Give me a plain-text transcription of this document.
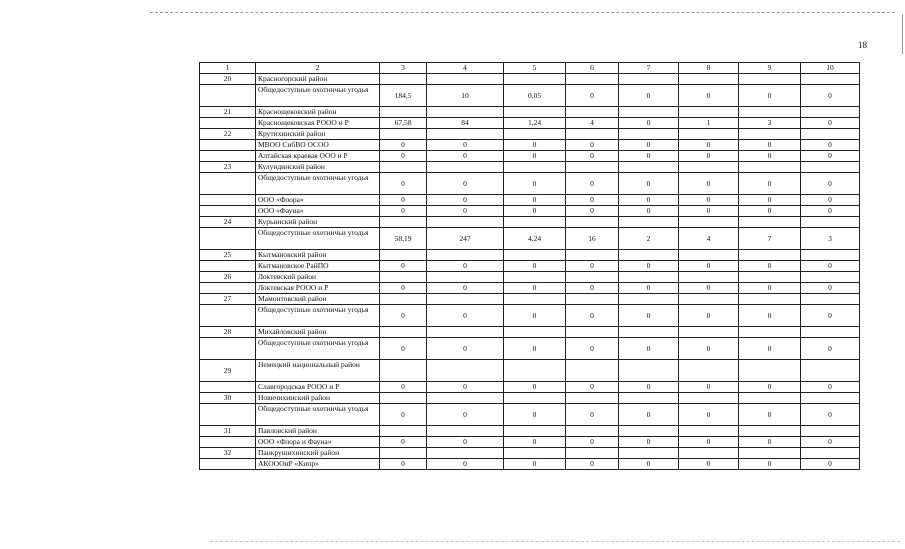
18
1	2	3	4	5	6	7	8	9	10
20	Красногорский район								
	Общедоступные охотничьи угодья	184,5	10	0,05	0	0	0	0	0
21	Краснощековский район								
	Краснощековская РООО и Р	67,58	84	1,24	4	0	1	3	0
22	Крутихинский район								
	МВОО СибВО ОСОО	0	0	0	0	0	0	0	0
	Алтайская краевая ООО и Р	0	0	0	0	0	0	0	0
23	Кулундинский район								
	Общедоступные охотничьи угодья	0	0	0	0	0	0	0	0
	ООО «Флора»	0	0	0	0	0	0	0	0
	ООО «Фауна»	0	0	0	0	0	0	0	0
24	Курьинский район								
	Общедоступные охотничьи угодья	58,19	247	4,24	16	2	4	7	3
25	Кытмановский район								
	Кытмановское РайПО	0	0	0	0	0	0	0	0
26	Локтевский район								
	Локтевская РООО и Р	0	0	0	0	0	0	0	0
27	Мамонтовский район								
	Общедоступные охотничьи угодья	0	0	0	0	0	0	0	0
28	Михайловский район								
	Общедоступные охотничьи угодья	0	0	0	0	0	0	0	0
29	Немецкий национальный район								
	Славгородская РООО и Р	0	0	0	0	0	0	0	0
30	Новичихинский район								
	Общедоступные охотничьи угодья	0	0	0	0	0	0	0	0
31	Павловский район								
	ООО «Флора и Фауна»	0	0	0	0	0	0	0	0
32	Панкрушихинский район								
	АКОООиР «Кипр»	0	0	0	0	0	0	0	0
